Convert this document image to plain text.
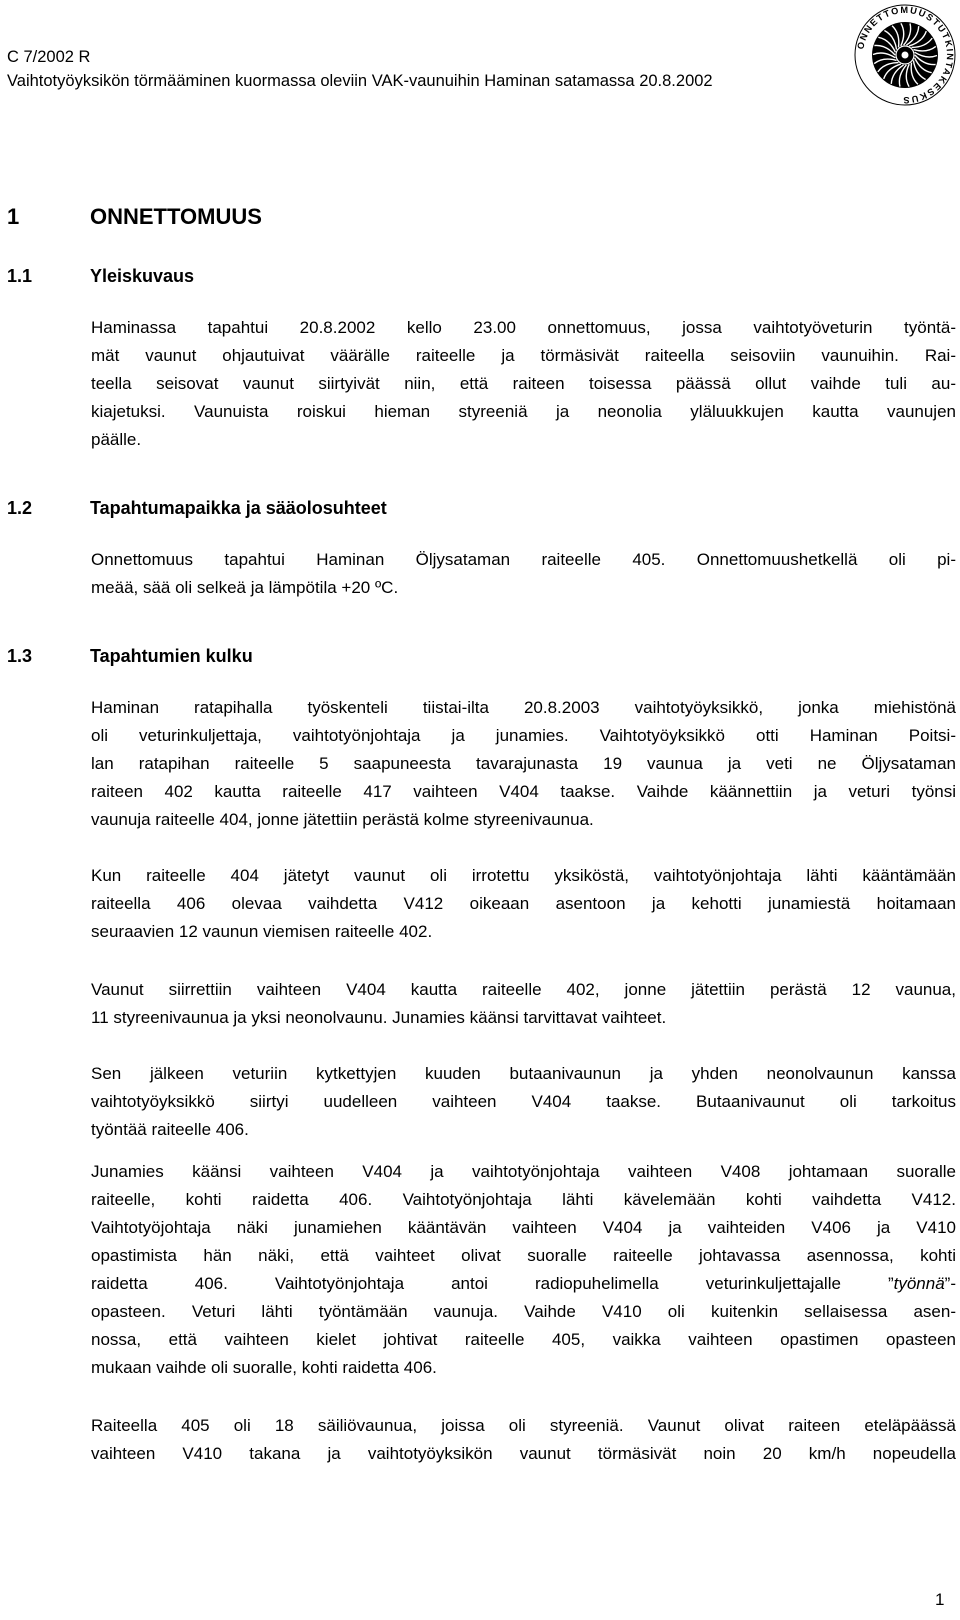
C 7/2002 R
Vaihtotyöyksikön törmääminen kuormassa oleviin VAK-vaunuihin Haminan satamassa 20.8.2002
ONNETTOMUUSTUTKINTAKESKUS
1	ONNETTOMUUS
1.1	Yleiskuvaus
Haminassa tapahtui 20.8.2002 kello 23.00 onnettomuus, jossa vaihtotyöveturin työntä-
mät vaunut ohjautuivat väärälle raiteelle ja törmäsivät raiteella seisoviin vaunuihin. Rai-
teella seisovat vaunut siirtyivät niin, että raiteen toisessa päässä ollut vaihde tuli au-
kiajetuksi. Vaunuista roiskui hieman styreeniä ja neonolia yläluukkujen kautta vaunujen
päälle.
1.2	Tapahtumapaikka ja sääolosuhteet
Onnettomuus tapahtui Haminan Öljysataman raiteelle 405. Onnettomuushetkellä oli pi-
meää, sää oli selkeä ja lämpötila +20 ºC.
1.3	Tapahtumien kulku
Haminan ratapihalla työskenteli tiistai-ilta 20.8.2003 vaihtotyöyksikkö, jonka miehistönä
oli veturinkuljettaja, vaihtotyönjohtaja ja junamies. Vaihtotyöyksikkö otti Haminan Poitsi-
lan ratapihan raiteelle 5 saapuneesta tavarajunasta 19 vaunua ja veti ne Öljysataman
raiteen 402 kautta raiteelle 417 vaihteen V404 taakse. Vaihde käännettiin ja veturi työnsi
vaunuja raiteelle 404, jonne jätettiin perästä kolme styreenivaunua.
Kun raiteelle 404 jätetyt vaunut oli irrotettu yksiköstä, vaihtotyönjohtaja lähti kääntämään
raiteella 406 olevaa vaihdetta V412 oikeaan asentoon ja kehotti junamiestä hoitamaan
seuraavien 12 vaunun viemisen raiteelle 402.
Vaunut siirrettiin vaihteen V404 kautta raiteelle 402, jonne jätettiin perästä 12 vaunua,
11 styreenivaunua ja yksi neonolvaunu. Junamies käänsi tarvittavat vaihteet.
Sen jälkeen veturiin kytkettyjen kuuden butaanivaunun ja yhden neonolvaunun kanssa
vaihtotyöyksikkö siirtyi uudelleen vaihteen V404 taakse. Butaanivaunut oli tarkoitus
työntää raiteelle 406.
Junamies käänsi vaihteen V404 ja vaihtotyönjohtaja vaihteen V408 johtamaan suoralle
raiteelle, kohti raidetta 406. Vaihtotyönjohtaja lähti kävelemään kohti vaihdetta V412.
Vaihtotyöjohtaja näki junamiehen kääntävän vaihteen V404 ja vaihteiden V406 ja V410
opastimista hän näki, että vaihteet olivat suoralle raiteelle johtavassa asennossa, kohti
raidetta 406. Vaihtotyönjohtaja antoi radiopuhelimella veturinkuljettajalle ”työnnä”-
opasteen. Veturi lähti työntämään vaunuja. Vaihde V410 oli kuitenkin sellaisessa asen-
nossa, että vaihteen kielet johtivat raiteelle 405, vaikka vaihteen opastimen opasteen
mukaan vaihde oli suoralle, kohti raidetta 406.
Raiteella 405 oli 18 säiliövaunua, joissa oli styreeniä. Vaunut olivat raiteen eteläpäässä
vaihteen V410 takana ja vaihtotyöyksikön vaunut törmäsivät noin 20 km/h nopeudella
1
